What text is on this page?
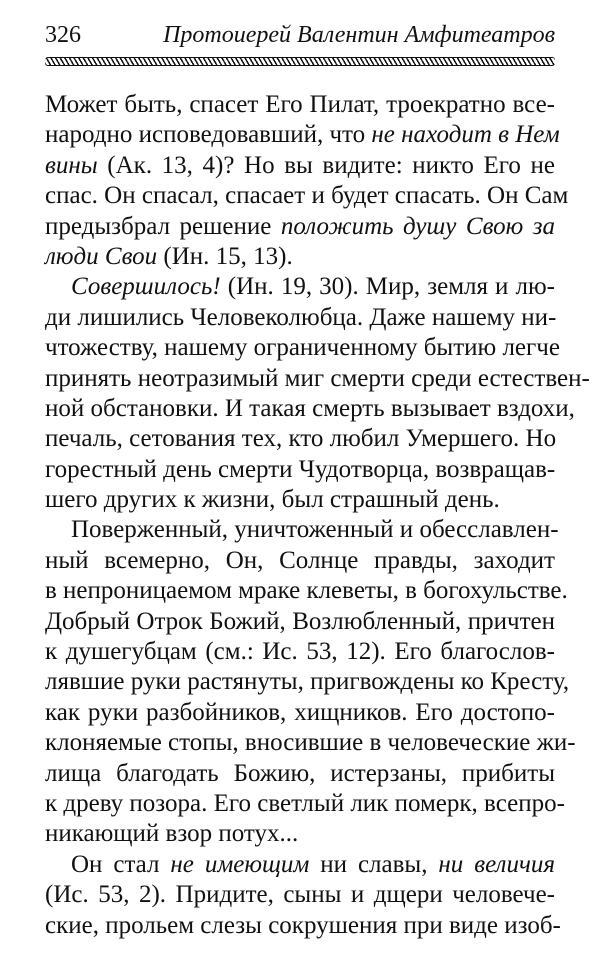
326	Протоиерей Валентин Амфитеатров
Может быть, спасет Его Пилат, троекратно все-
народно исповедовавший, что не находит в Нем
вины (Ак. 13, 4)? Но вы видите: никто Его не
спас. Он спасал, спасает и будет спасать. Он Сам
предызбрал решение положить душу Свою за
люди Свои (Ин. 15, 13).
Совершилось! (Ин. 19, 30). Мир, земля и лю-
ди лишились Человеколюбца. Даже нашему ни-
чтожеству, нашему ограниченному бытию легче
принять неотразимый миг смерти среди естествен-
ной обстановки. И такая смерть вызывает вздохи,
печаль, сетования тех, кто любил Умершего. Но
горестный день смерти Чудотворца, возвращав-
шего других к жизни, был страшный день.
Поверженный, уничтоженный и обесславлен-
ный всемерно, Он, Солнце правды, заходит
в непроницаемом мраке клеветы, в богохульстве.
Добрый Отрок Божий, Возлюбленный, причтен
к душегубцам (см.: Ис. 53, 12). Его благослов-
лявшие руки растянуты, пригвождены ко Кресту,
как руки разбойников, хищников. Его достопо-
клоняемые стопы, вносившие в человеческие жи-
лища благодать Божию, истерзаны, прибиты
к древу позора. Его светлый лик померк, всепро-
никающий взор потух...
Он стал не имеющим ни славы, ни величия
(Ис. 53, 2). Придите, сыны и дщери человече-
ские, прольем слезы сокрушения при виде изоб-
